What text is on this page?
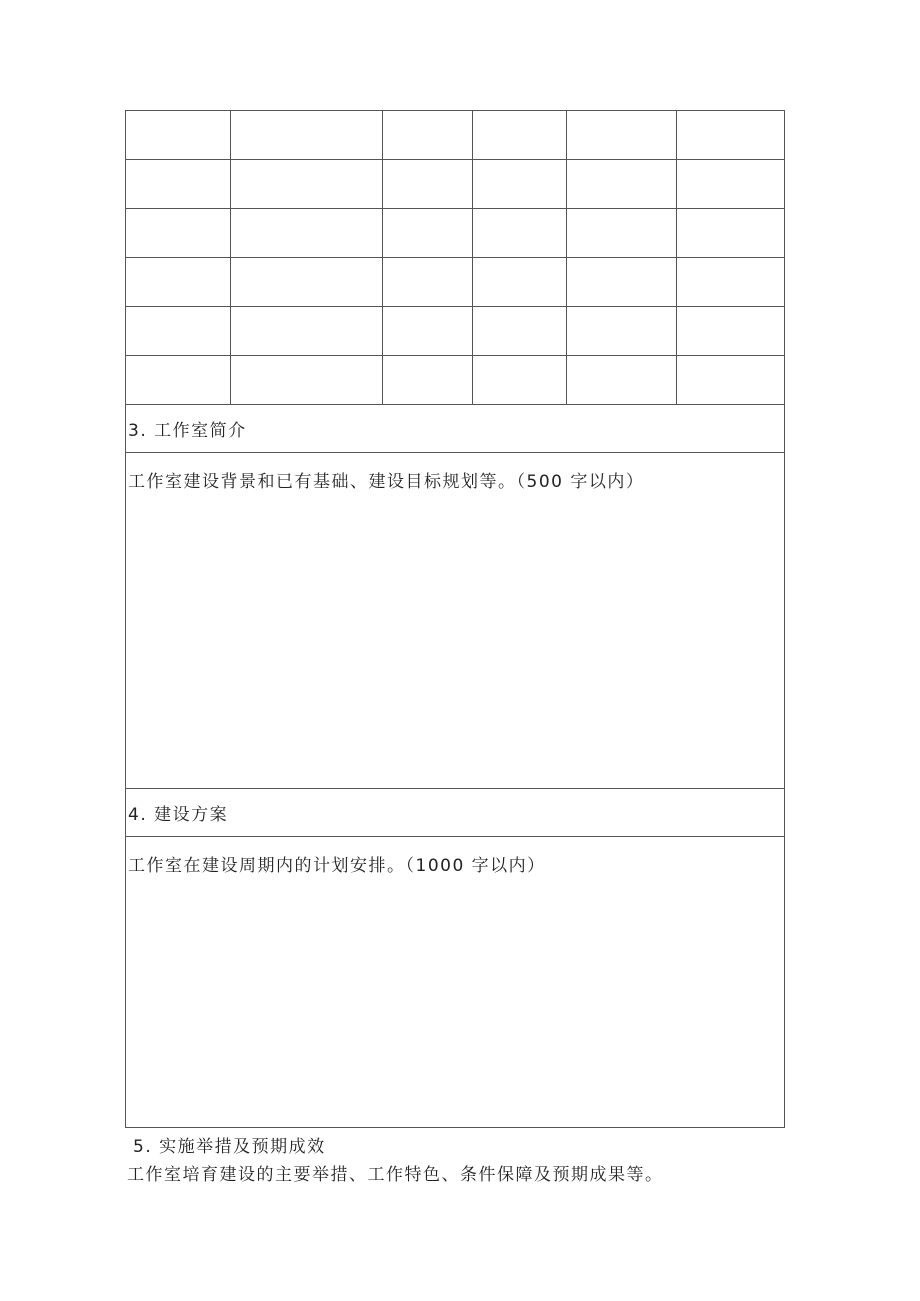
3. 工作室简介
工作室建设背景和已有基础、建设目标规划等。（500 字以内）
4. 建设方案
工作室在建设周期内的计划安排。（1000 字以内）
5. 实施举措及预期成效
工作室培育建设的主要举措、工作特色、条件保障及预期成果等。
